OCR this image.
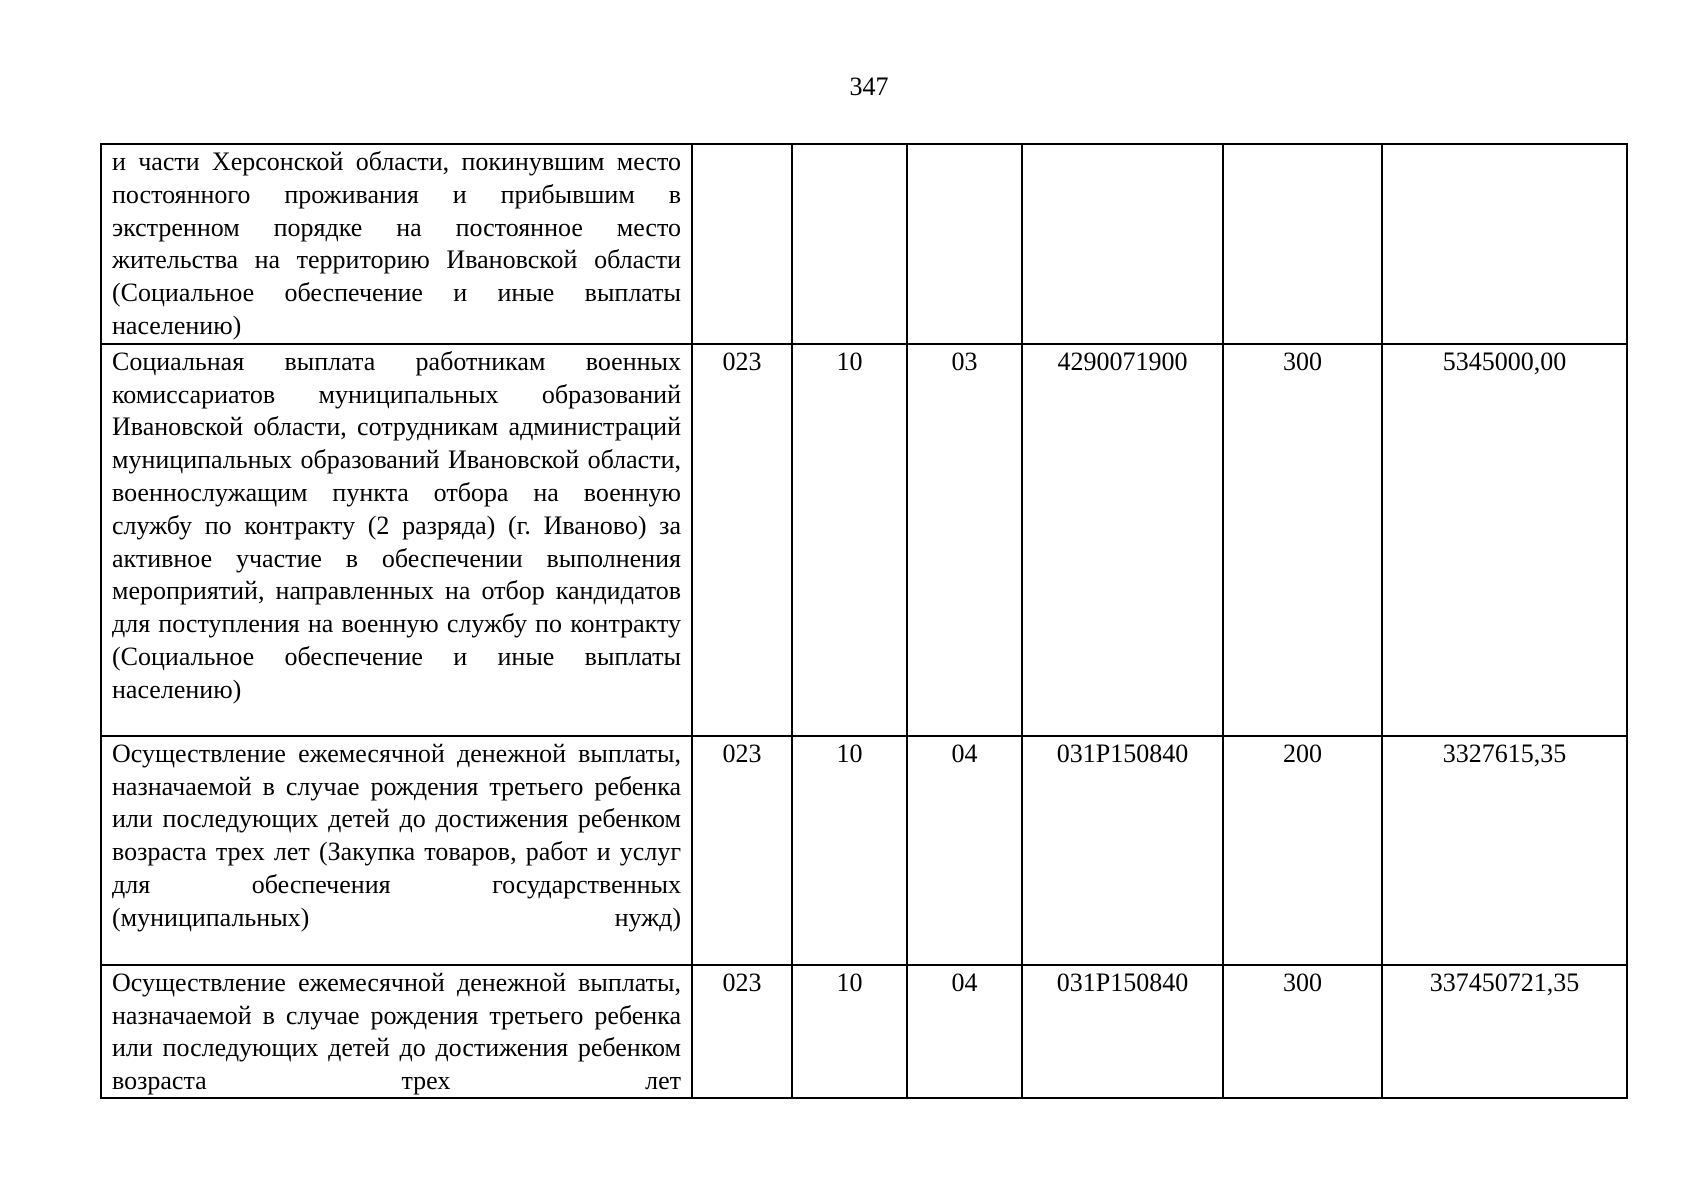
347
и части Херсонской области, покинувшим место постоянного проживания и прибывшим в экстренном порядке на постоянное место жительства на территорию Ивановской области (Социальное обеспечение и иные выплаты населению)						
Социальная выплата работникам военных комиссариатов муниципальных образований Ивановской области, сотрудникам администраций муниципальных образований Ивановской области, военнослужащим пункта отбора на военную службу по контракту (2 разряда) (г. Иваново) за активное участие в обеспечении выполнения мероприятий, направленных на отбор кандидатов для поступления на военную службу по контракту (Социальное обеспечение и иные выплаты населению)	023	10	03	4290071900	300	5345000,00
Осуществление ежемесячной денежной выплаты, назначаемой в случае рождения третьего ребенка или последующих детей до достижения ребенком возраста трех лет (Закупка товаров, работ и услуг для обеспечения государственных (муниципальных) нужд)	023	10	04	031P150840	200	3327615,35

Осуществление ежемесячной денежной выплаты, назначаемой в случае рождения третьего ребенка или последующих детей до достижения ребенком возраста трех лет	023	10	04	031P150840	300	337450721,35
